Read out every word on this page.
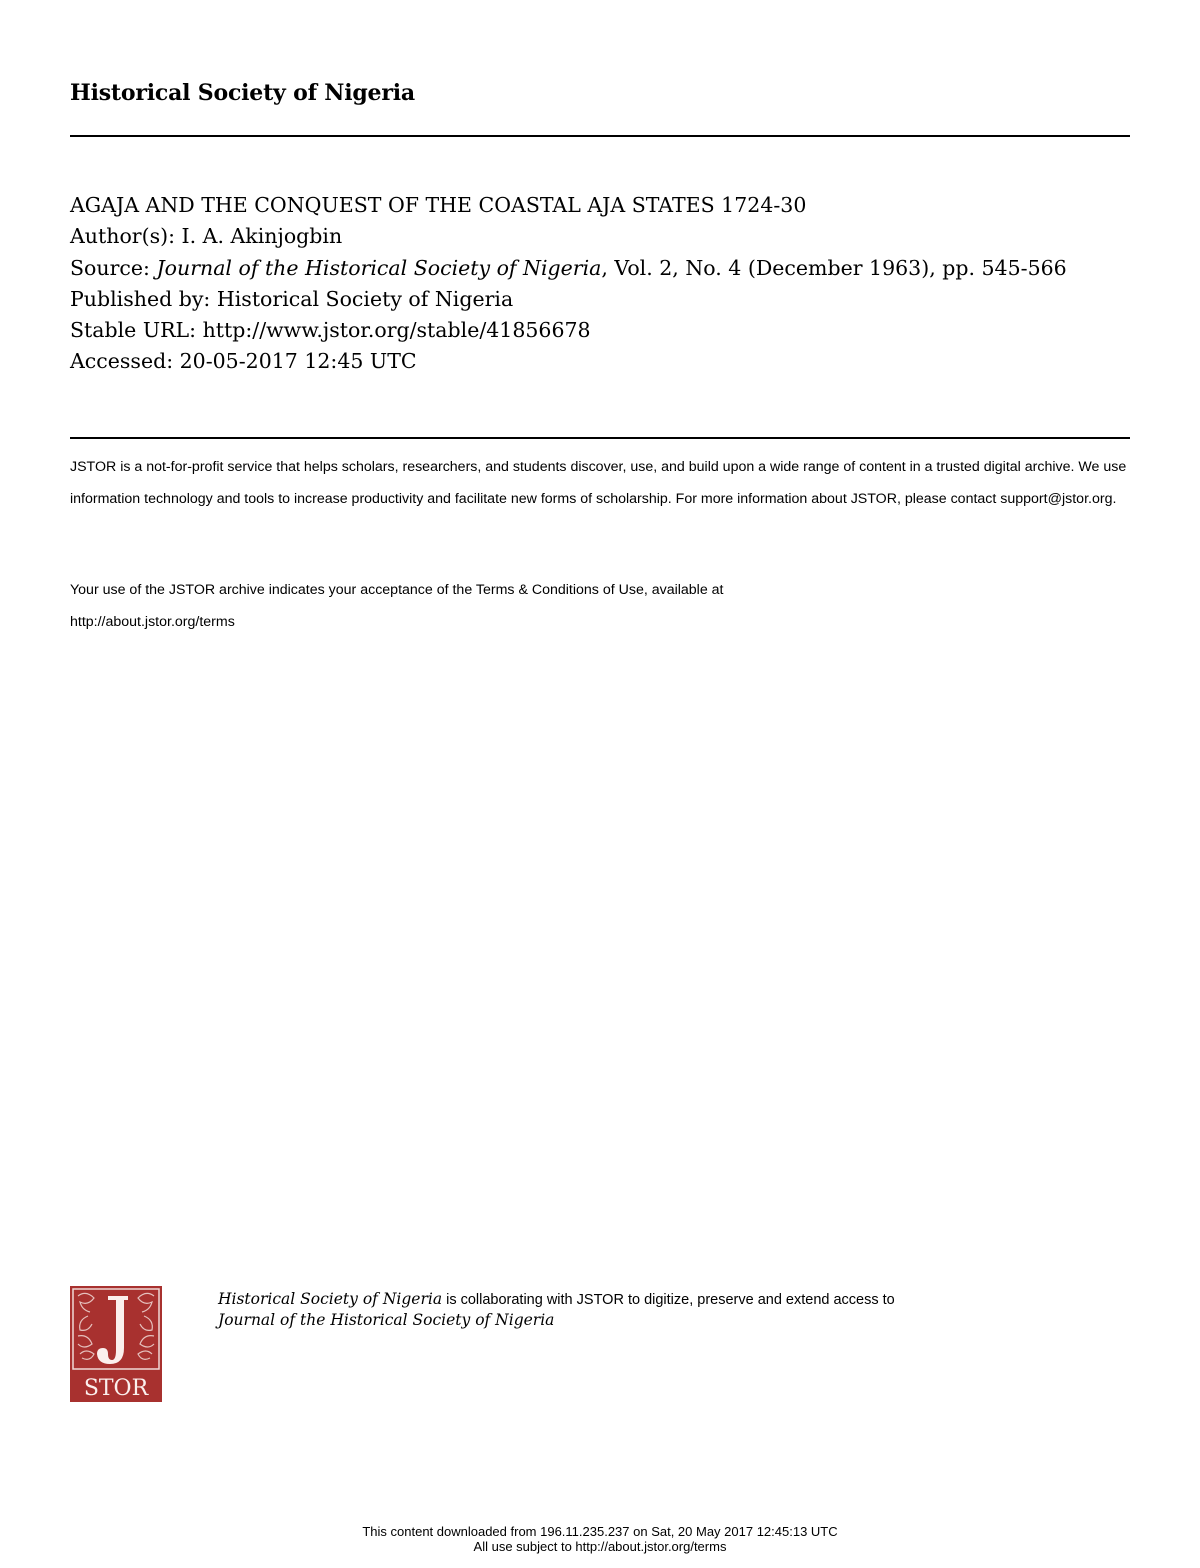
Historical Society of Nigeria
AGAJA AND THE CONQUEST OF THE COASTAL AJA STATES 1724-30
Author(s): I. A. Akinjogbin
Source: Journal of the Historical Society of Nigeria, Vol. 2, No. 4 (December 1963), pp. 545-566
Published by: Historical Society of Nigeria
Stable URL: http://www.jstor.org/stable/41856678
Accessed: 20-05-2017 12:45 UTC
JSTOR is a not-for-profit service that helps scholars, researchers, and students discover, use, and build upon a wide range of content in a trusted digital archive. We use information technology and tools to increase productivity and facilitate new forms of scholarship. For more information about JSTOR, please contact support@jstor.org.
Your use of the JSTOR archive indicates your acceptance of the Terms & Conditions of Use, available at
http://about.jstor.org/terms
STOR
Historical Society of Nigeria is collaborating with JSTOR to digitize, preserve and extend access to
Journal of the Historical Society of Nigeria
This content downloaded from 196.11.235.237 on Sat, 20 May 2017 12:45:13 UTC
All use subject to http://about.jstor.org/terms
